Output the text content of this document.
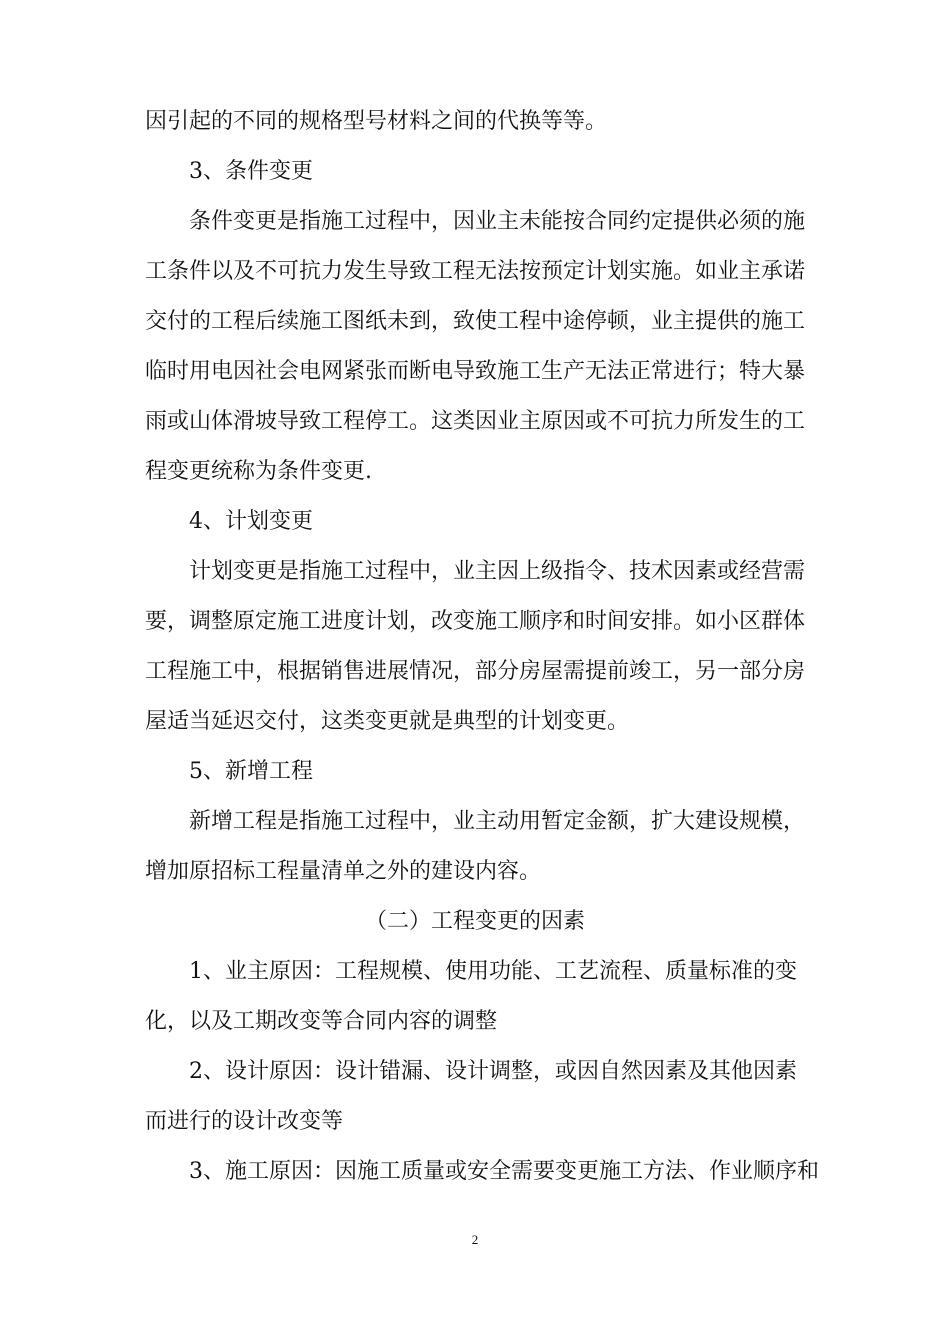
因引起的不同的规格型号材料之间的代换等等。
3、条件变更
条件变更是指施工过程中，因业主未能按合同约定提供必须的施
工条件以及不可抗力发生导致工程无法按预定计划实施。如业主承诺
交付的工程后续施工图纸未到，致使工程中途停顿，业主提供的施工
临时用电因社会电网紧张而断电导致施工生产无法正常进行；特大暴
雨或山体滑坡导致工程停工。这类因业主原因或不可抗力所发生的工
程变更统称为条件变更.
4、计划变更
计划变更是指施工过程中，业主因上级指令、技术因素或经营需
要，调整原定施工进度计划，改变施工顺序和时间安排。如小区群体
工程施工中，根据销售进展情况，部分房屋需提前竣工，另一部分房
屋适当延迟交付，这类变更就是典型的计划变更。
5、新增工程
新增工程是指施工过程中，业主动用暂定金额，扩大建设规模，
增加原招标工程量清单之外的建设内容。
（二）工程变更的因素
1、业主原因：工程规模、使用功能、工艺流程、质量标准的变
化，以及工期改变等合同内容的调整
2、设计原因：设计错漏、设计调整，或因自然因素及其他因素
而进行的设计改变等
3、施工原因：因施工质量或安全需要变更施工方法、作业顺序和
2
